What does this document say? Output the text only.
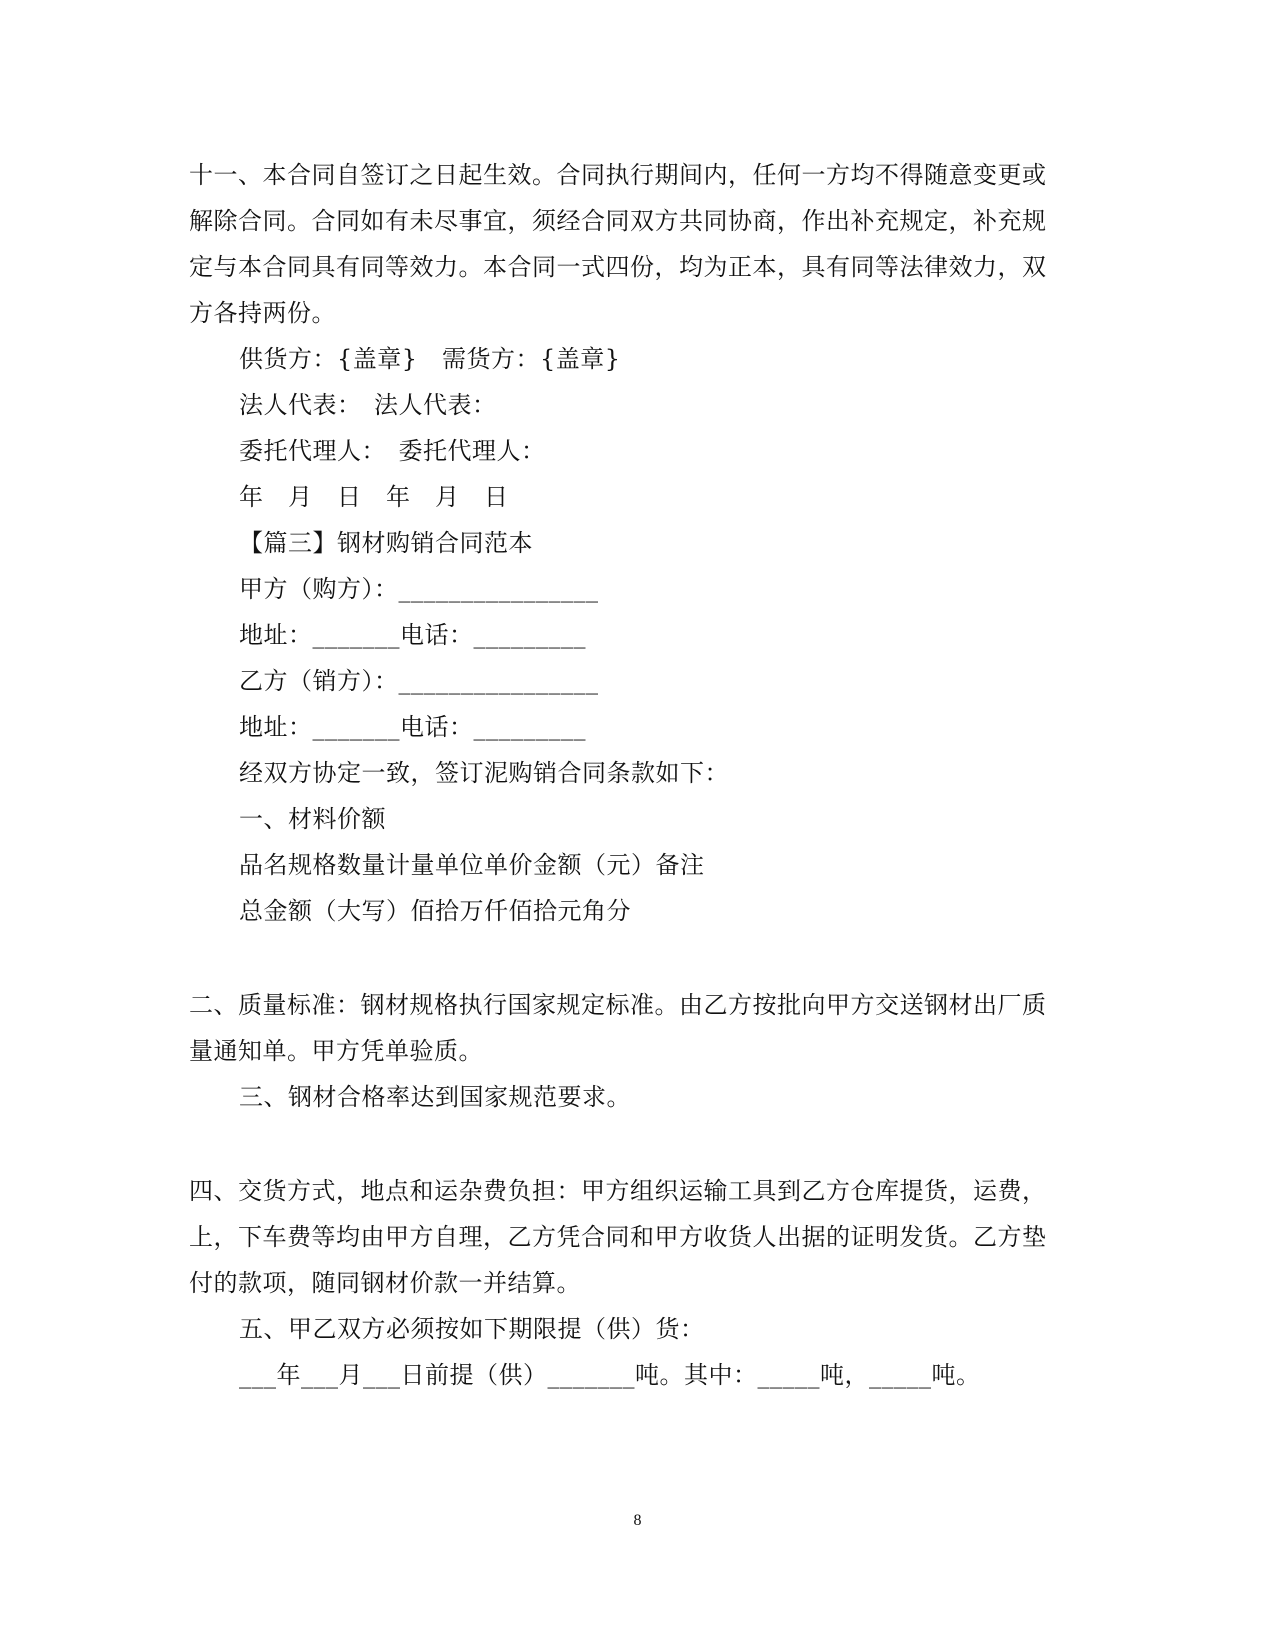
十一、本合同自签订之日起生效。合同执行期间内，任何一方均不得随意变更或
解除合同。合同如有未尽事宜，须经合同双方共同协商，作出补充规定，补充规
定与本合同具有同等效力。本合同一式四份，均为正本，具有同等法律效力，双
方各持两份。
供货方：{盖章}　需货方：{盖章}
法人代表：　法人代表：
委托代理人：　委托代理人：
年　月　日　年　月　日
【篇三】钢材购销合同范本
甲方（购方）：________________
地址：_______电话：_________
乙方（销方）：________________
地址：_______电话：_________
经双方协定一致，签订泥购销合同条款如下：
一、材料价额
品名规格数量计量单位单价金额（元）备注
总金额（大写）佰拾万仟佰拾元角分
二、质量标准：钢材规格执行国家规定标准。由乙方按批向甲方交送钢材出厂质
量通知单。甲方凭单验质。
三、钢材合格率达到国家规范要求。
四、交货方式，地点和运杂费负担：甲方组织运输工具到乙方仓库提货，运费，
上，下车费等均由甲方自理，乙方凭合同和甲方收货人出据的证明发货。乙方垫
付的款项，随同钢材价款一并结算。
五、甲乙双方必须按如下期限提（供）货：
___年___月___日前提（供）_______吨。其中：_____吨，_____吨。
8
